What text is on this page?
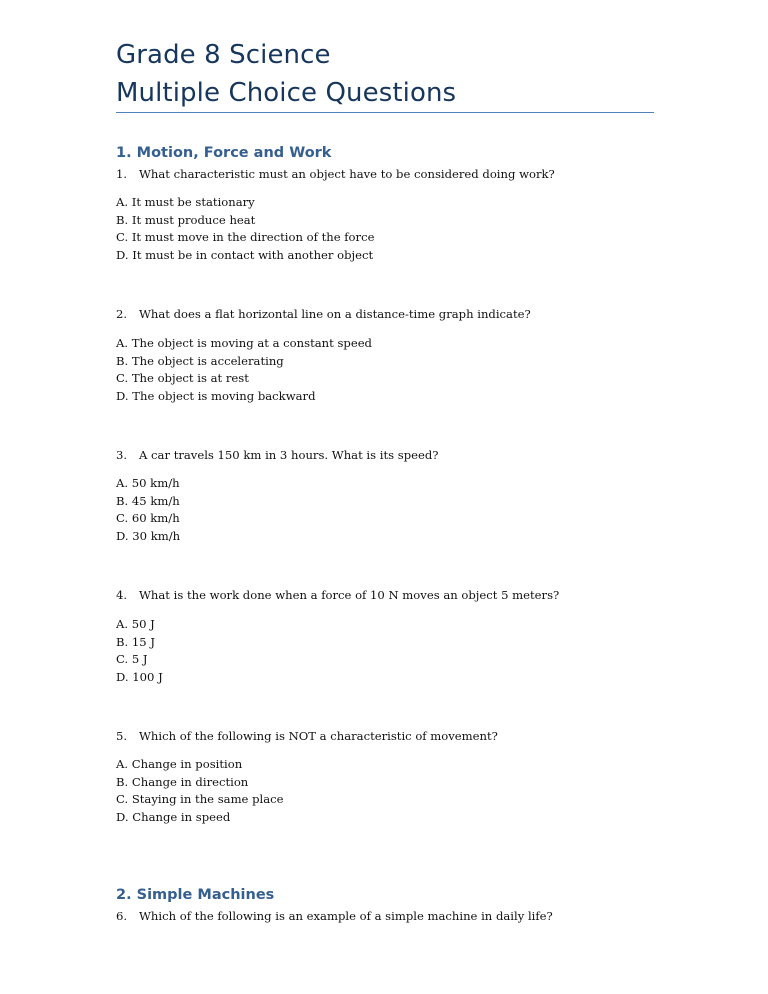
Grade 8 Science
Multiple Choice Questions
1. Motion, Force and Work
1. What characteristic must an object have to be considered doing work?
A. It must be stationary
B. It must produce heat
C. It must move in the direction of the force
D. It must be in contact with another object
2. What does a flat horizontal line on a distance-time graph indicate?
A. The object is moving at a constant speed
B. The object is accelerating
C. The object is at rest
D. The object is moving backward
3. A car travels 150 km in 3 hours. What is its speed?
A. 50 km/h
B. 45 km/h
C. 60 km/h
D. 30 km/h
4. What is the work done when a force of 10 N moves an object 5 meters?
A. 50 J
B. 15 J
C. 5 J
D. 100 J
5. Which of the following is NOT a characteristic of movement?
A. Change in position
B. Change in direction
C. Staying in the same place
D. Change in speed
2. Simple Machines
6. Which of the following is an example of a simple machine in daily life?
